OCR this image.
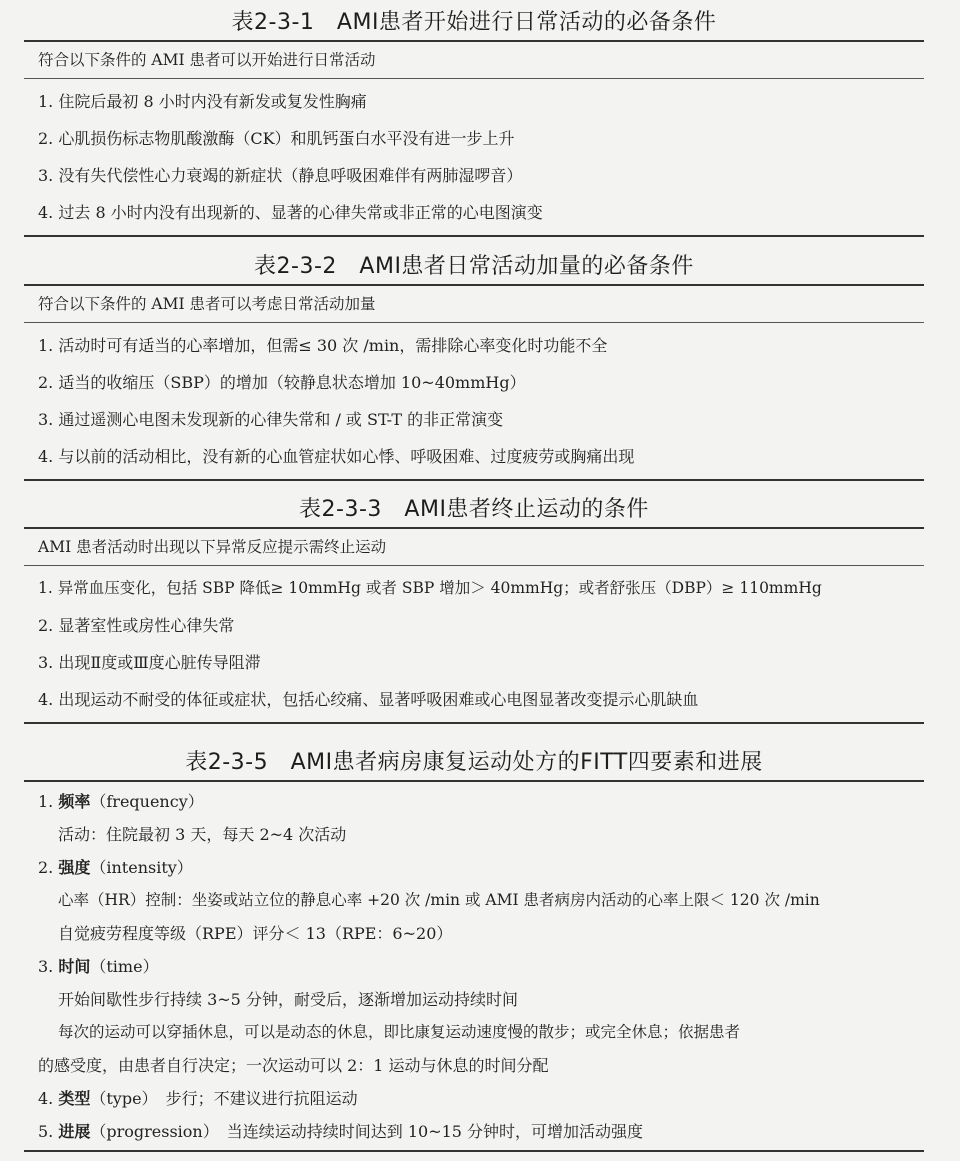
表2-3-1　AMI患者开始进行日常活动的必备条件
符合以下条件的 AMI 患者可以开始进行日常活动
1. 住院后最初 8 小时内没有新发或复发性胸痛
2. 心肌损伤标志物肌酸激酶（CK）和肌钙蛋白水平没有进一步上升
3. 没有失代偿性心力衰竭的新症状（静息呼吸困难伴有两肺湿啰音）
4. 过去 8 小时内没有出现新的、显著的心律失常或非正常的心电图演变
表2-3-2　AMI患者日常活动加量的必备条件
符合以下条件的 AMI 患者可以考虑日常活动加量
1. 活动时可有适当的心率增加，但需≤ 30 次 /min，需排除心率变化时功能不全
2. 适当的收缩压（SBP）的增加（较静息状态增加 10~40mmHg）
3. 通过遥测心电图未发现新的心律失常和 / 或 ST-T 的非正常演变
4. 与以前的活动相比，没有新的心血管症状如心悸、呼吸困难、过度疲劳或胸痛出现
表2-3-3　AMI患者终止运动的条件
AMI 患者活动时出现以下异常反应提示需终止运动
1. 异常血压变化，包括 SBP 降低≥ 10mmHg 或者 SBP 增加＞ 40mmHg；或者舒张压（DBP）≥ 110mmHg
2. 显著室性或房性心律失常
3. 出现Ⅱ度或Ⅲ度心脏传导阻滞
4. 出现运动不耐受的体征或症状，包括心绞痛、显著呼吸困难或心电图显著改变提示心肌缺血
表2-3-5　AMI患者病房康复运动处方的FITT四要素和进展
1. 频率（frequency）
活动：住院最初 3 天，每天 2~4 次活动
2. 强度（intensity）
心率（HR）控制：坐姿或站立位的静息心率 +20 次 /min 或 AMI 患者病房内活动的心率上限＜ 120 次 /min
自觉疲劳程度等级（RPE）评分＜ 13（RPE：6~20）
3. 时间（time）
开始间歇性步行持续 3~5 分钟，耐受后，逐渐增加运动持续时间
每次的运动可以穿插休息，可以是动态的休息，即比康复运动速度慢的散步；或完全休息；依据患者
的感受度，由患者自行决定；一次运动可以 2：1 运动与休息的时间分配
4. 类型（type）　步行；不建议进行抗阻运动
5. 进展（progression）　当连续运动持续时间达到 10~15 分钟时，可增加活动强度
